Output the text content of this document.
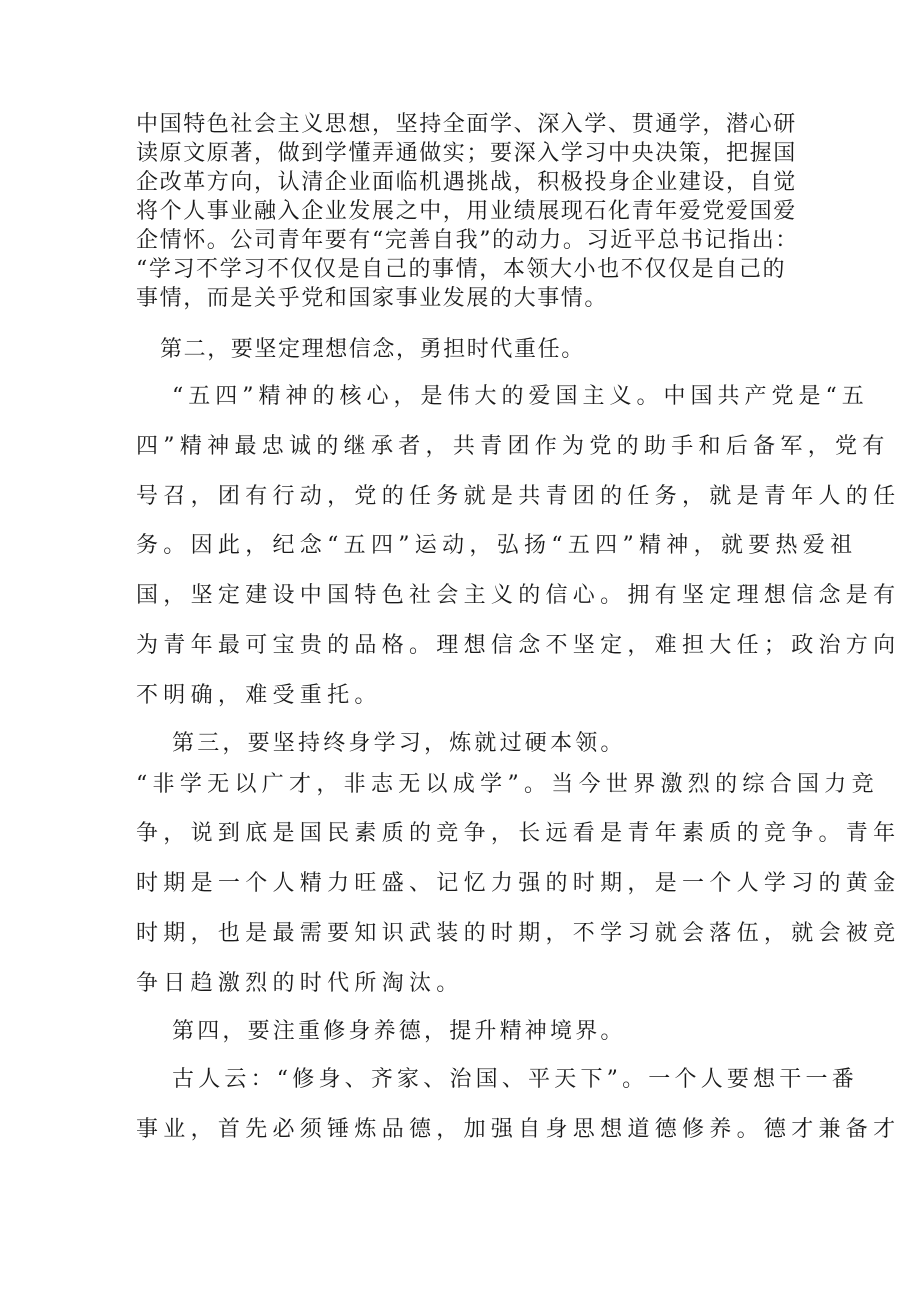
中国特色社会主义思想，坚持全面学、深入学、贯通学，潜心研

读原文原著，做到学懂弄通做实；要深入学习中央决策，把握国

企改革方向，认清企业面临机遇挑战，积极投身企业建设，自觉

将个人事业融入企业发展之中，用业绩展现石化青年爱党爱国爱

企情怀。公司青年要有“完善自我”的动力。习近平总书记指出：

“学习不学习不仅仅是自己的事情，本领大小也不仅仅是自己的

事情，而是关乎党和国家事业发展的大事情。

第二，要坚定理想信念，勇担时代重任。

“五四”精神的核心，是伟大的爱国主义。中国共产党是“五

四”精神最忠诚的继承者，共青团作为党的助手和后备军，党有

号召，团有行动，党的任务就是共青团的任务，就是青年人的任

务。因此，纪念“五四”运动，弘扬“五四”精神，就要热爱祖

国，坚定建设中国特色社会主义的信心。拥有坚定理想信念是有

为青年最可宝贵的品格。理想信念不坚定，难担大任；政治方向

不明确，难受重托。

第三，要坚持终身学习，炼就过硬本领。

“非学无以广才，非志无以成学”。当今世界激烈的综合国力竞

争，说到底是国民素质的竞争，长远看是青年素质的竞争。青年

时期是一个人精力旺盛、记忆力强的时期，是一个人学习的黄金

时期，也是最需要知识武装的时期，不学习就会落伍，就会被竞

争日趋激烈的时代所淘汰。

第四，要注重修身养德，提升精神境界。

古人云：“修身、齐家、治国、平天下”。一个人要想干一番

事业，首先必须锤炼品德，加强自身思想道德修养。德才兼备才
